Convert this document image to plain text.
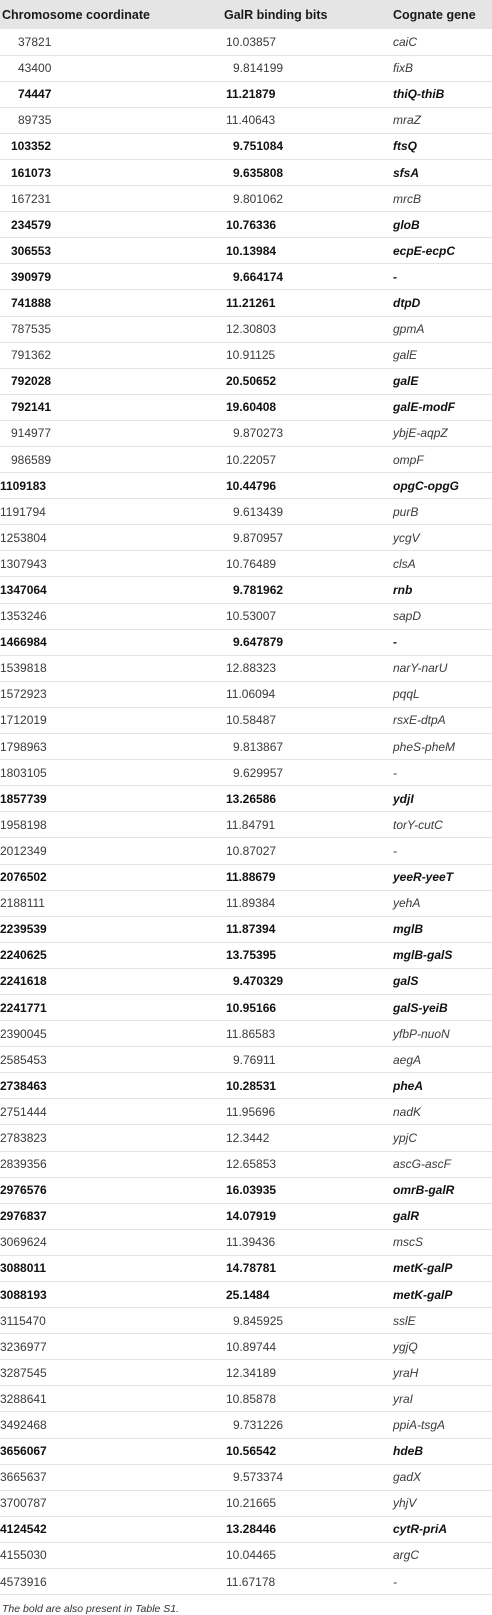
Chromosome coordinate	GalR binding bits	Cognate gene
37821	10.03857	caiC
43400	9.814199	fixB
74447	11.21879	thiQ-thiB
89735	11.40643	mraZ
103352	9.751084	ftsQ
161073	9.635808	sfsA
167231	9.801062	mrcB
234579	10.76336	gloB
306553	10.13984	ecpE-ecpC
390979	9.664174	-
741888	11.21261	dtpD
787535	12.30803	gpmA
791362	10.91125	galE
792028	20.50652	galE
792141	19.60408	galE-modF
914977	9.870273	ybjE-aqpZ
986589	10.22057	ompF
1109183	10.44796	opgC-opgG
1191794	9.613439	purB
1253804	9.870957	ycgV
1307943	10.76489	clsA
1347064	9.781962	rnb
1353246	10.53007	sapD
1466984	9.647879	-
1539818	12.88323	narY-narU
1572923	11.06094	pqqL
1712019	10.58487	rsxE-dtpA
1798963	9.813867	pheS-pheM
1803105	9.629957	-
1857739	13.26586	ydjI
1958198	11.84791	torY-cutC
2012349	10.87027	-
2076502	11.88679	yeeR-yeeT
2188111	11.89384	yehA
2239539	11.87394	mglB
2240625	13.75395	mglB-galS
2241618	9.470329	galS
2241771	10.95166	galS-yeiB
2390045	11.86583	yfbP-nuoN
2585453	9.76911	aegA
2738463	10.28531	pheA
2751444	11.95696	nadK
2783823	12.3442	ypjC
2839356	12.65853	ascG-ascF
2976576	16.03935	omrB-galR
2976837	14.07919	galR
3069624	11.39436	mscS
3088011	14.78781	metK-galP
3088193	25.1484	metK-galP
3115470	9.845925	sslE
3236977	10.89744	ygjQ
3287545	12.34189	yraH
3288641	10.85878	yraI
3492468	9.731226	ppiA-tsgA
3656067	10.56542	hdeB
3665637	9.573374	gadX
3700787	10.21665	yhjV
4124542	13.28446	cytR-priA
4155030	10.04465	argC
4573916	11.67178	-
The bold are also present in Table S1.
